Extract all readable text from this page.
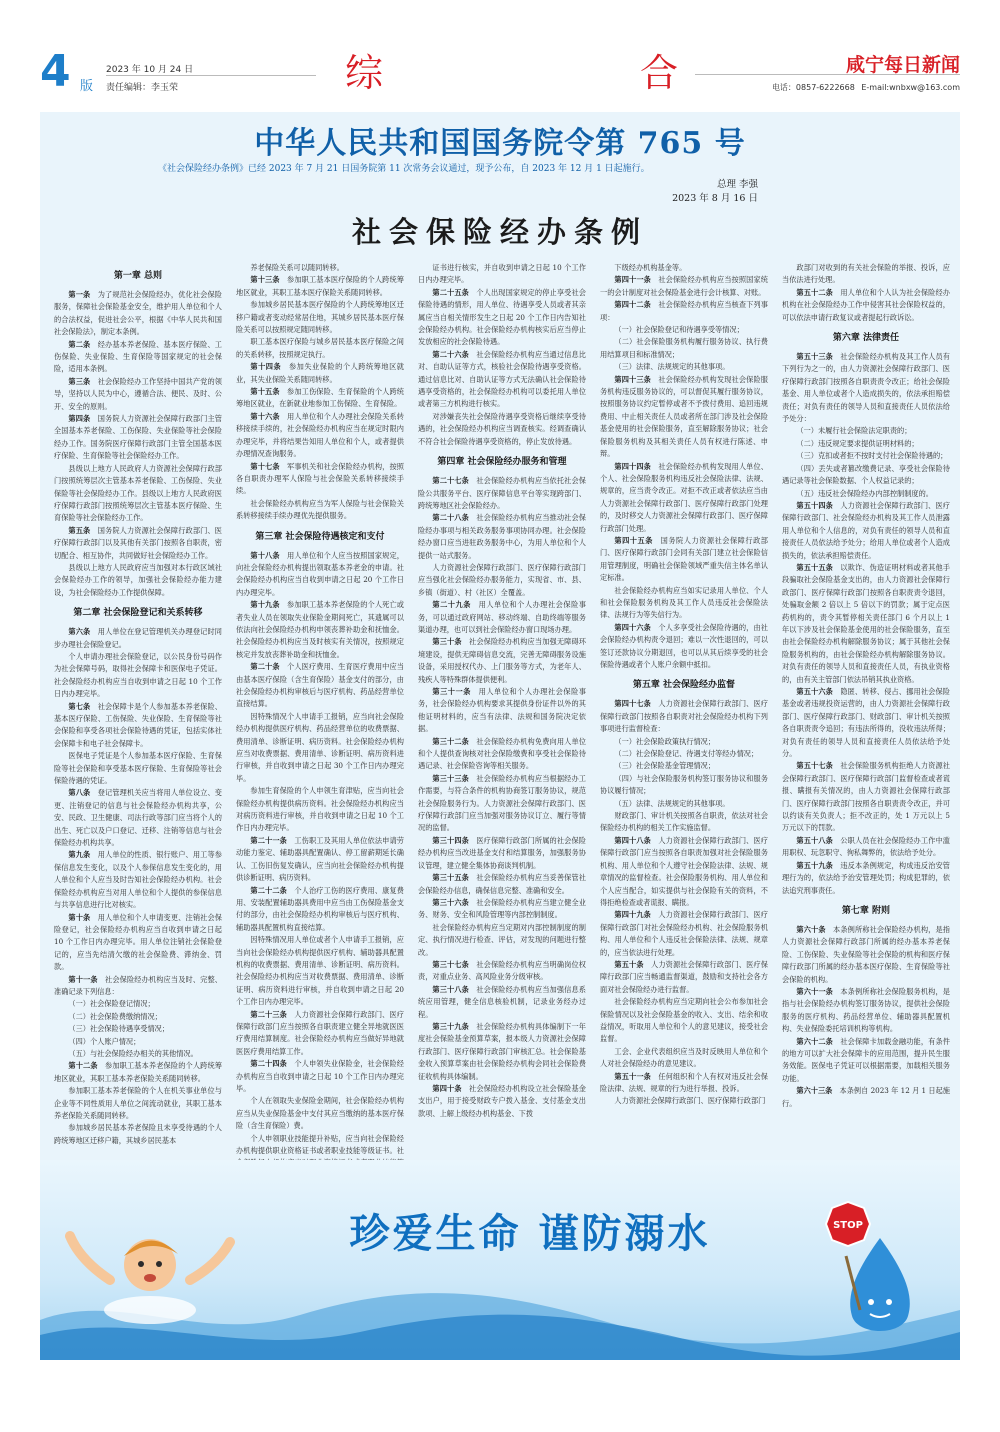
4 版
2023 年 10 月 24 日
责任编辑：李玉荣	综	合	咸宁每日新闻
电话：0857-6222668 E-mail:wnbxw@163.com
中华人民共和国国务院令第 765 号
《社会保险经办条例》已经 2023 年 7 月 21 日国务院第 11 次常务会议通过，现予公布，自 2023 年 12 月 1 日起施行。
总理 李强
2023 年 8 月 16 日
社会保险经办条例
第一章 总则

第一条　 为了规范社会保险经办，优化社会保险服务，保障社会保险基金安全，维护用人单位和个人的合法权益，促进社会公平，根据《中华人民共和国社会保险法》，制定本条例。

第二条　 经办基本养老保险、基本医疗保险、工伤保险、失业保险、生育保险等国家规定的社会保险，适用本条例。

第三条　 社会保险经办工作坚持中国共产党的领导，坚持以人民为中心，遵循合法、便民、及时、公开、安全的原则。

第四条　 国务院人力资源社会保障行政部门主管全国基本养老保险、工伤保险、失业保险等社会保险经办工作。国务院医疗保障行政部门主管全国基本医疗保险、生育保险等社会保险经办工作。

县级以上地方人民政府人力资源社会保障行政部门按照统筹层次主管基本养老保险、工伤保险、失业保险等社会保险经办工作。县级以上地方人民政府医疗保障行政部门按照统筹层次主管基本医疗保险、生育保险等社会保险经办工作。

第五条　 国务院人力资源社会保障行政部门、医疗保障行政部门以及其他有关部门按照各自职责，密切配合、相互协作，共同做好社会保险经办工作。

县级以上地方人民政府应当加强对本行政区域社会保险经办工作的领导，加强社会保险经办能力建设，为社会保险经办工作提供保障。

第二章 社会保险登记和关系转移

第六条　 用人单位在登记管理机关办理登记时同步办理社会保险登记。

个人申请办理社会保险登记，以公民身份号码作为社会保障号码，取得社会保障卡和医保电子凭证。社会保险经办机构应当自收到申请之日起 10 个工作日内办理完毕。

第七条　 社会保障卡是个人参加基本养老保险、基本医疗保险、工伤保险、失业保险、生育保险等社会保险和享受各项社会保险待遇的凭证，包括实体社会保障卡和电子社会保障卡。

医保电子凭证是个人参加基本医疗保险、生育保险等社会保险和享受基本医疗保险、生育保险等社会保险待遇的凭证。

第八条　 登记管理机关应当将用人单位设立、变更、注销登记的信息与社会保险经办机构共享，公安、民政、卫生健康、司法行政等部门应当将个人的出生、死亡以及户口登记、迁移、注销等信息与社会保险经办机构共享。

第九条　 用人单位的性质、银行账户、用工等参保信息发生变化，以及个人参保信息发生变化的，用人单位和个人应当及时告知社会保险经办机构。社会保险经办机构应当对用人单位和个人提供的参保信息与共享信息进行比对核实。

第十条　 用人单位和个人申请变更、注销社会保险登记，社会保险经办机构应当自收到申请之日起 10 个工作日内办理完毕。用人单位注销社会保险登记的，应当先结清欠缴的社会保险费、滞纳金、罚款。

第十一条　 社会保险经办机构应当及时、完整、准确记录下列信息：

（一）社会保险登记情况；

（二）社会保险费缴纳情况；

（三）社会保险待遇享受情况；

（四）个人账户情况；

（五）与社会保险经办相关的其他情况。

第十二条　 参加职工基本养老保险的个人跨统筹地区就业，其职工基本养老保险关系随同转移。

参加职工基本养老保险的个人在机关事业单位与企业等不同性质用人单位之间流动就业，其职工基本养老保险关系随同转移。

参加城乡居民基本养老保险且未享受待遇的个人跨统筹地区迁移户籍，其城乡居民基本

养老保险关系可以随同转移。

第十三条　 参加职工基本医疗保险的个人跨统筹地区就业，其职工基本医疗保险关系随同转移。

参加城乡居民基本医疗保险的个人跨统筹地区迁移户籍或者变动经常居住地，其城乡居民基本医疗保险关系可以按照规定随同转移。

职工基本医疗保险与城乡居民基本医疗保险之间的关系转移，按照规定执行。

第十四条　 参加失业保险的个人跨统筹地区就业，其失业保险关系随同转移。

第十五条　 参加工伤保险、生育保险的个人跨统筹地区就业，在新就业地参加工伤保险、生育保险。

第十六条　 用人单位和个人办理社会保险关系转移接续手续的，社会保险经办机构应当在规定时限内办理完毕，并将结果告知用人单位和个人，或者提供办理情况查询服务。

第十七条　 军事机关和社会保险经办机构，按照各自职责办理军人保险与社会保险关系转移接续手续。

社会保险经办机构应当为军人保险与社会保险关系转移接续手续办理优先提供服务。

第三章 社会保险待遇核定和支付

第十八条　 用人单位和个人应当按照国家规定，向社会保险经办机构提出领取基本养老金的申请。社会保险经办机构应当自收到申请之日起 20 个工作日内办理完毕。

第十九条　 参加职工基本养老保险的个人死亡或者失业人员在领取失业保险金期间死亡，其遗属可以依法向社会保险经办机构申领丧葬补助金和抚恤金。社会保险经办机构应当及时核实有关情况，按照规定核定并发放丧葬补助金和抚恤金。

第二十条　 个人医疗费用、生育医疗费用中应当由基本医疗保险（含生育保险）基金支付的部分，由社会保险经办机构审核后与医疗机构、药品经营单位直接结算。

因特殊情况个人申请手工报销，应当向社会保险经办机构提供医疗机构、药品经营单位的收费票据、费用清单、诊断证明、病历资料。社会保险经办机构应当对收费票据、费用清单、诊断证明、病历资料进行审核，并自收到申请之日起 30 个工作日内办理完毕。

参加生育保险的个人申领生育津贴，应当向社会保险经办机构提供病历资料。社会保险经办机构应当对病历资料进行审核，并自收到申请之日起 10 个工作日内办理完毕。

第二十一条　 工伤职工及其用人单位依法申请劳动能力鉴定、辅助器具配置确认、停工留薪期延长确认、工伤旧伤复发确认，应当向社会保险经办机构提供诊断证明、病历资料。

第二十二条　 个人治疗工伤的医疗费用、康复费用、安装配置辅助器具费用中应当由工伤保险基金支付的部分，由社会保险经办机构审核后与医疗机构、辅助器具配置机构直接结算。

因特殊情况用人单位或者个人申请手工报销，应当向社会保险经办机构提供医疗机构、辅助器具配置机构的收费票据、费用清单、诊断证明、病历资料。社会保险经办机构应当对收费票据、费用清单、诊断证明、病历资料进行审核，并自收到申请之日起 20 个工作日内办理完毕。

第二十三条　 人力资源社会保障行政部门、医疗保障行政部门应当按照各自职责建立健全异地就医医疗费用结算制度。社会保险经办机构应当做好异地就医医疗费用结算工作。

第二十四条　 个人申领失业保险金，社会保险经办机构应当自收到申请之日起 10 个工作日内办理完毕。

个人在领取失业保险金期间，社会保险经办机构应当从失业保险基金中支付其应当缴纳的基本医疗保险（含生育保险）费。

个人申领职业技能提升补贴，应当向社会保险经办机构提供职业资格证书或者职业技能等级证书。社

证书进行核实，并自收到申请之日起 10 个工作日内办理完毕。

第二十五条　 个人出现国家规定的停止享受社会保险待遇的情形，用人单位、待遇享受人员或者其亲属应当自相关情形发生之日起 20 个工作日内告知社会保险经办机构。社会保险经办机构核实后应当停止发放相应的社会保险待遇。

第二十六条　 社会保险经办机构应当通过信息比对、自助认证等方式，核验社会保险待遇享受资格。通过信息比对、自助认证等方式无法确认社会保险待遇享受资格的，社会保险经办机构可以委托用人单位或者第三方机构进行核实。

对涉嫌丧失社会保险待遇享受资格后继续享受待遇的，社会保险经办机构应当调查核实。经调查确认不符合社会保险待遇享受资格的，停止发放待遇。

第四章 社会保险经办服务和管理

第二十七条　 社会保险经办机构应当依托社会保险公共服务平台、医疗保障信息平台等实现跨部门、跨统筹地区社会保险经办。

第二十八条　 社会保险经办机构应当推动社会保险经办事项与相关政务服务事项协同办理。社会保险经办窗口应当进驻政务服务中心，为用人单位和个人提供一站式服务。

人力资源社会保障行政部门、医疗保障行政部门应当强化社会保险经办服务能力，实现省、市、县、乡镇（街道）、村（社区）全覆盖。

第二十九条　 用人单位和个人办理社会保险事务，可以通过政府网站、移动终端、自助终端等服务渠道办理，也可以到社会保险经办窗口现场办理。

第三十条　 社会保险经办机构应当加强无障碍环境建设，提供无障碍信息交流，完善无障碍服务设施设备，采用授权代办、上门服务等方式，为老年人、残疾人等特殊群体提供便利。

第三十一条　 用人单位和个人办理社会保险事务，社会保险经办机构要求其提供身份证件以外的其他证明材料的，应当有法律、法规和国务院决定依据。

第三十二条　 社会保险经办机构免费向用人单位和个人提供查询核对社会保险缴费和享受社会保险待遇记录、社会保险咨询等相关服务。

第三十三条　 社会保险经办机构应当根据经办工作需要，与符合条件的机构协商签订服务协议，规范社会保险服务行为。人力资源社会保障行政部门、医疗保障行政部门应当加强对服务协议订立、履行等情况的监督。

第三十四条　 医疗保障行政部门所属的社会保险经办机构应当改进基金支付和结算服务，加强服务协议管理，建立健全集体协商谈判机制。

第三十五条　 社会保险经办机构应当妥善保管社会保险经办信息，确保信息完整、准确和安全。

第三十六条　 社会保险经办机构应当建立健全业务、财务、安全和风险管理等内部控制制度。

社会保险经办机构应当定期对内部控制制度的制定、执行情况进行检查、评估，对发现的问题进行整改。

第三十七条　 社会保险经办机构应当明确岗位权责，对重点业务、高风险业务分级审核。

第三十八条　 社会保险经办机构应当加强信息系统应用管理，健全信息核验机制，记录业务经办过程。

第三十九条　 社会保险经办机构具体编制下一年度社会保险基金预算草案，报本级人力资源社会保障行政部门、医疗保障行政部门审核汇总。社会保险基金收入预算草案由社会保险经办机构会同社会保险费征收机构具体编制。

第四十条　 社会保险经办机构设立社会保险基金支出户，用于接受财政专户拨入基金、支付基金支出款项、上解上级经办机构基金、下拨

下级经办机构基金等。

第四十一条　 社会保险经办机构应当按照国家统一的会计制度对社会保险基金进行会计核算、对账。

第四十二条　 社会保险经办机构应当核查下列事项：

（一）社会保险登记和待遇享受等情况；

（二）社会保险服务机构履行服务协议、执行费用结算项目和标准情况；

（三）法律、法规规定的其他事项。

第四十三条　 社会保险经办机构发现社会保险服务机构违反服务协议的，可以督促其履行服务协议，按照服务协议约定暂停或者不予拨付费用、追回违规费用、中止相关责任人员或者所在部门涉及社会保险基金使用的社会保险服务，直至解除服务协议；社会保险服务机构及其相关责任人员有权进行陈述、申辩。

第四十四条　 社会保险经办机构发现用人单位、个人、社会保险服务机构违反社会保险法律、法规、规章的，应当责令改正。对拒不改正或者依法应当由人力资源社会保障行政部门、医疗保障行政部门处理的，及时移交人力资源社会保障行政部门、医疗保障行政部门处理。

第四十五条　 国务院人力资源社会保障行政部门、医疗保障行政部门会同有关部门建立社会保险信用管理制度，明确社会保险领域严重失信主体名单认定标准。

社会保险经办机构应当如实记录用人单位、个人和社会保险服务机构及其工作人员违反社会保险法律、法规行为等失信行为。

第四十六条　 个人多享受社会保险待遇的，由社会保险经办机构责令退回；难以一次性退回的，可以签订还款协议分期退回，也可以从其后续享受的社会保险待遇或者个人账户余额中抵扣。

第五章 社会保险经办监督

第四十七条　 人力资源社会保障行政部门、医疗保障行政部门按照各自职责对社会保险经办机构下列事项进行监督检查：

（一）社会保险政策执行情况；

（二）社会保险登记、待遇支付等经办情况；

（三）社会保险基金管理情况；

（四）与社会保险服务机构签订服务协议和服务协议履行情况；

（五）法律、法规规定的其他事项。

财政部门、审计机关按照各自职责，依法对社会保险经办机构的相关工作实施监督。

第四十八条　 人力资源社会保障行政部门、医疗保障行政部门应当按照各自职责加强对社会保险服务机构、用人单位和个人遵守社会保险法律、法规、规章情况的监督检查。社会保险服务机构、用人单位和个人应当配合，如实提供与社会保险有关的资料，不得拒绝检查或者谎报、瞒报。

第四十九条　 人力资源社会保障行政部门、医疗保障行政部门对社会保险经办机构、社会保险服务机构、用人单位和个人违反社会保险法律、法规、规章的，应当依法进行处理。

第五十条　 人力资源社会保障行政部门、医疗保障行政部门应当畅通监督渠道，鼓励和支持社会各方面对社会保险经办进行监督。

社会保险经办机构应当定期向社会公布参加社会保险情况以及社会保险基金的收入、支出、结余和收益情况，听取用人单位和个人的意见建议，接受社会监督。

工会、企业代表组织应当及时反映用人单位和个人对社会保险经办的意见建议。

第五十一条　 任何组织和个人有权对违反社会保险法律、法规、规章的行为进行举报、投诉。

人力资源社会保障行政部门、医疗保障行政部门

政部门对收到的有关社会保险的举报、投诉，应当依法进行处理。

第五十二条　 用人单位和个人认为社会保险经办机构在社会保险经办工作中侵害其社会保险权益的，可以依法申请行政复议或者提起行政诉讼。

第六章 法律责任

第五十三条　 社会保险经办机构及其工作人员有下列行为之一的，由人力资源社会保障行政部门、医疗保障行政部门按照各自职责责令改正；给社会保险基金、用人单位或者个人造成损失的，依法承担赔偿责任；对负有责任的领导人员和直接责任人员依法给予处分：

（一）未履行社会保险法定职责的；

（二）违反规定要求提供证明材料的；

（三）克扣或者拒不按时支付社会保险待遇的；

（四）丢失或者篡改缴费记录、享受社会保险待遇记录等社会保险数据、个人权益记录的；

（五）违反社会保险经办内部控制制度的。

第五十四条　 人力资源社会保障行政部门、医疗保障行政部门、社会保险经办机构及其工作人员泄露用人单位和个人信息的，对负有责任的领导人员和直接责任人员依法给予处分；给用人单位或者个人造成损失的，依法承担赔偿责任。

第五十五条　 以欺诈、伪造证明材料或者其他手段骗取社会保险基金支出的，由人力资源社会保障行政部门、医疗保障行政部门按照各自职责责令退回，处骗取金额 2 倍以上 5 倍以下的罚款；属于定点医药机构的，责令其暂停相关责任部门 6 个月以上 1 年以下涉及社会保险基金使用的社会保险服务，直至由社会保险经办机构解除服务协议；属于其他社会保险服务机构的，由社会保险经办机构解除服务协议。对负有责任的领导人员和直接责任人员，有执业资格的，由有关主管部门依法吊销其执业资格。

第五十六条　 隐匿、转移、侵占、挪用社会保险基金或者违规投资运营的，由人力资源社会保障行政部门、医疗保障行政部门、财政部门、审计机关按照各自职责责令追回；有违法所得的，没收违法所得；对负有责任的领导人员和直接责任人员依法给予处分。

第五十七条　 社会保险服务机构拒绝人力资源社会保障行政部门、医疗保障行政部门监督检查或者谎报、瞒报有关情况的，由人力资源社会保障行政部门、医疗保障行政部门按照各自职责责令改正，并可以约谈有关负责人；拒不改正的，处 1 万元以上 5 万元以下的罚款。

第五十八条　 公职人员在社会保险经办工作中滥用职权、玩忽职守、徇私舞弊的，依法给予处分。

第五十九条　 违反本条例规定，构成违反治安管理行为的，依法给予治安管理处罚；构成犯罪的，依法追究刑事责任。

第七章 附则

第六十条　 本条例所称社会保险经办机构，是指人力资源社会保障行政部门所属的经办基本养老保险、工伤保险、失业保险等社会保险的机构和医疗保障行政部门所属的经办基本医疗保险、生育保险等社会保险的机构。

第六十一条　 本条例所称社会保险服务机构，是指与社会保险经办机构签订服务协议，提供社会保险服务的医疗机构、药品经营单位、辅助器具配置机构、失业保险委托培训机构等机构。

第六十二条　 社会保障卡加载金融功能，有条件的地方可以扩大社会保障卡的应用范围，提升民生服务效能。医保电子凭证可以根据需要，加载相关服务功能。

第六十三条　 本条例自 2023 年 12 月 1 日起施行。

STOP
珍爱生命 谨防溺水
